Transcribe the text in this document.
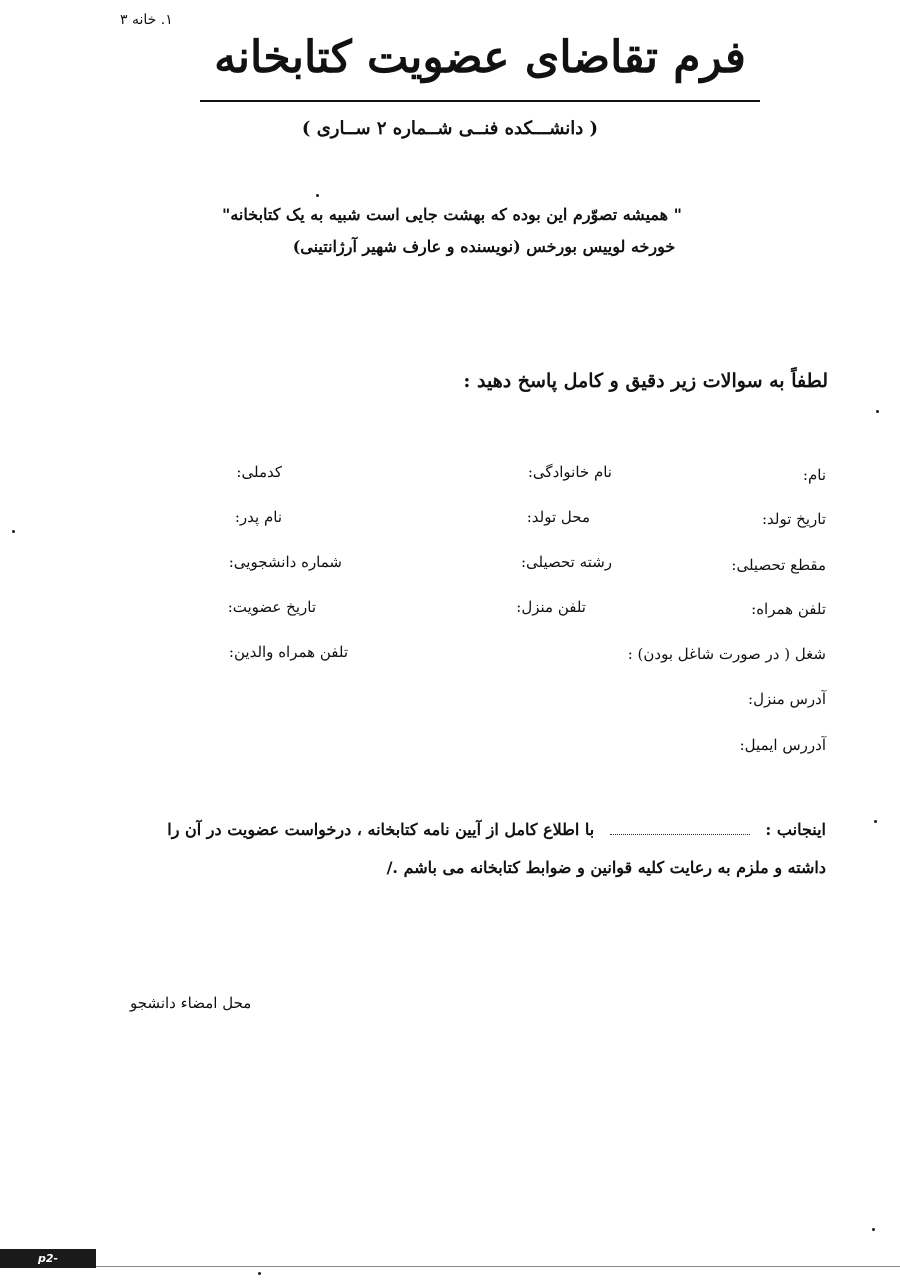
فرم تقاضای عضویت کتابخانه
۱. خانه ۳
( دانشـــکده فنــی شــماره ۲ ســاری )
" همیشه تصوّرم این بوده که بهشت جایی است شبیه به یک کتابخانه"
خورخه لوییس بورخس (نویسنده و عارف شهیر آرژانتینی)
لطفاً به سوالات زیر دقیق و کامل پاسخ دهید :
نام:
نام خانوادگی:
کدملی:
تاریخ تولد:
محل تولد:
نام پدر:
مقطع تحصیلی:
رشته تحصیلی:
شماره دانشجویی:
تلفن همراه:
تلفن منزل:
تاریخ عضویت:
شغل ( در صورت شاغل بودن) :
تلفن همراه والدین:
آدرس منزل:
آدررس ایمیل:
اینجانب :  با اطلاع کامل از آیین نامه کتابخانه ، درخواست عضویت در آن را
داشته و ملزم به رعایت کلیه قوانین و ضوابط کتابخانه می باشم ./
محل امضاء دانشجو
p2-sari.tvu.ac.ir
